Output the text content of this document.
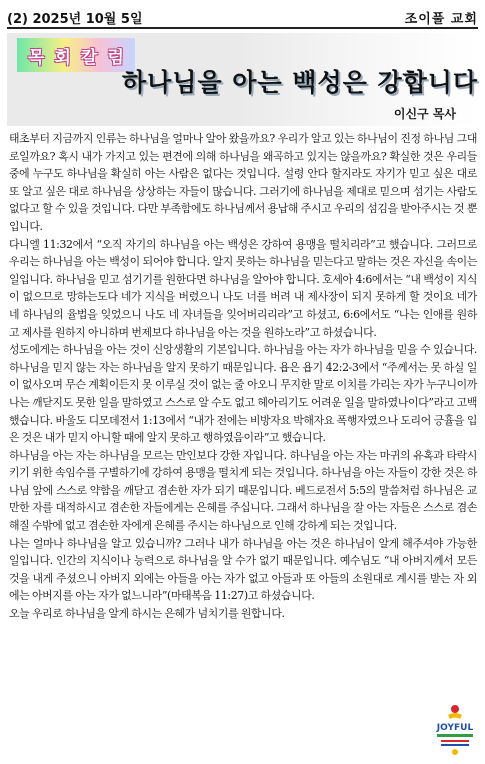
(2) 2025년 10월 5일	조이풀 교회
목 회 칼 럼
하나님을 아는 백성은 강합니다
이신구 목사

태초부터 지금까지 인류는 하나님을 얼마나 알아 왔을까요? 우리가 알고 있는 하나님이 진정 하나님 그대로일까요? 혹시 내가 가지고 있는 편견에 의해 하나님을 왜곡하고 있지는 않을까요? 확실한 것은 우리들 중에 누구도 하나님을 확실히 아는 사람은 없다는 것입니다. 설령 안다 할지라도 자기가 믿고 싶은 대로 또 알고 싶은 대로 하나님을 상상하는 자들이 많습니다. 그러기에 하나님을 제대로 믿으며 섬기는 사람도 없다고 할 수 있을 것입니다. 다만 부족함에도 하나님께서 용납해 주시고 우리의 섬김을 받아주시는 것 뿐입니다.

다니엘 11:32에서 “오직 자기의 하나님을 아는 백성은 강하여 용맹을 떨치리라”고 했습니다. 그러므로 우리는 하나님을 아는 백성이 되어야 합니다. 알지 못하는 하나님을 믿는다고 말하는 것은 자신을 속이는 일입니다. 하나님을 믿고 섬기기를 원한다면 하나님을 알아야 합니다. 호세아 4:6에서는 “내 백성이 지식이 없으므로 망하는도다 네가 지식을 버렸으니 나도 너를 버려 내 제사장이 되지 못하게 할 것이요 네가 네 하나님의 율법을 잊었으니 나도 네 자녀들을 잊어버리리라”고 하셨고, 6:6에서도 “나는 인애를 원하고 제사를 원하지 아니하며 번제보다 하나님을 아는 것을 원하노라”고 하셨습니다.

성도에게는 하나님을 아는 것이 신앙생활의 기본입니다. 하나님을 아는 자가 하나님을 믿을 수 있습니다. 하나님을 믿지 않는 자는 하나님을 알지 못하기 때문입니다. 욥은 욥기 42:2-3에서 “주께서는 못 하실 일이 없사오며 무슨 계획이든지 못 이루실 것이 없는 줄 아오니 무지한 말로 이치를 가리는 자가 누구니이까 나는 깨닫지도 못한 일을 말하였고 스스로 알 수도 없고 헤아리기도 어려운 일을 말하였나이다”라고 고백했습니다. 바울도 디모데전서 1:13에서 “내가 전에는 비방자요 박해자요 폭행자였으나 도리어 긍휼을 입은 것은 내가 믿지 아니할 때에 알지 못하고 행하였음이라”고 했습니다.

하나님을 아는 자는 하나님을 모르는 만인보다 강한 자입니다. 하나님을 아는 자는 마귀의 유혹과 타락시키기 위한 속임수를 구별하기에 강하여 용맹을 떨치게 되는 것입니다. 하나님을 아는 자들이 강한 것은 하나님 앞에 스스로 약함을 깨닫고 겸손한 자가 되기 때문입니다. 베드로전서 5:5의 말씀처럼 하나님은 교만한 자를 대적하시고 겸손한 자들에게는 은혜를 주십니다. 그래서 하나님을 잘 아는 자들은 스스로 겸손해질 수밖에 없고 겸손한 자에게 은혜를 주시는 하나님으로 인해 강하게 되는 것입니다.

나는 얼마나 하나님을 알고 있습니까? 그러나 내가 하나님을 아는 것은 하나님이 알게 해주셔야 가능한 일입니다. 인간의 지식이나 능력으로 하나님을 알 수가 없기 때문입니다. 예수님도 “내 아버지께서 모든 것을 내게 주셨으니 아버지 외에는 아들을 아는 자가 없고 아들과 또 아들의 소원대로 계시를 받는 자 외에는 아버지를 아는 자가 없느니라”(마태복음 11:27)고 하셨습니다.

오늘 우리로 하나님을 알게 하시는 은혜가 넘치기를 원합니다.

JOYFUL
